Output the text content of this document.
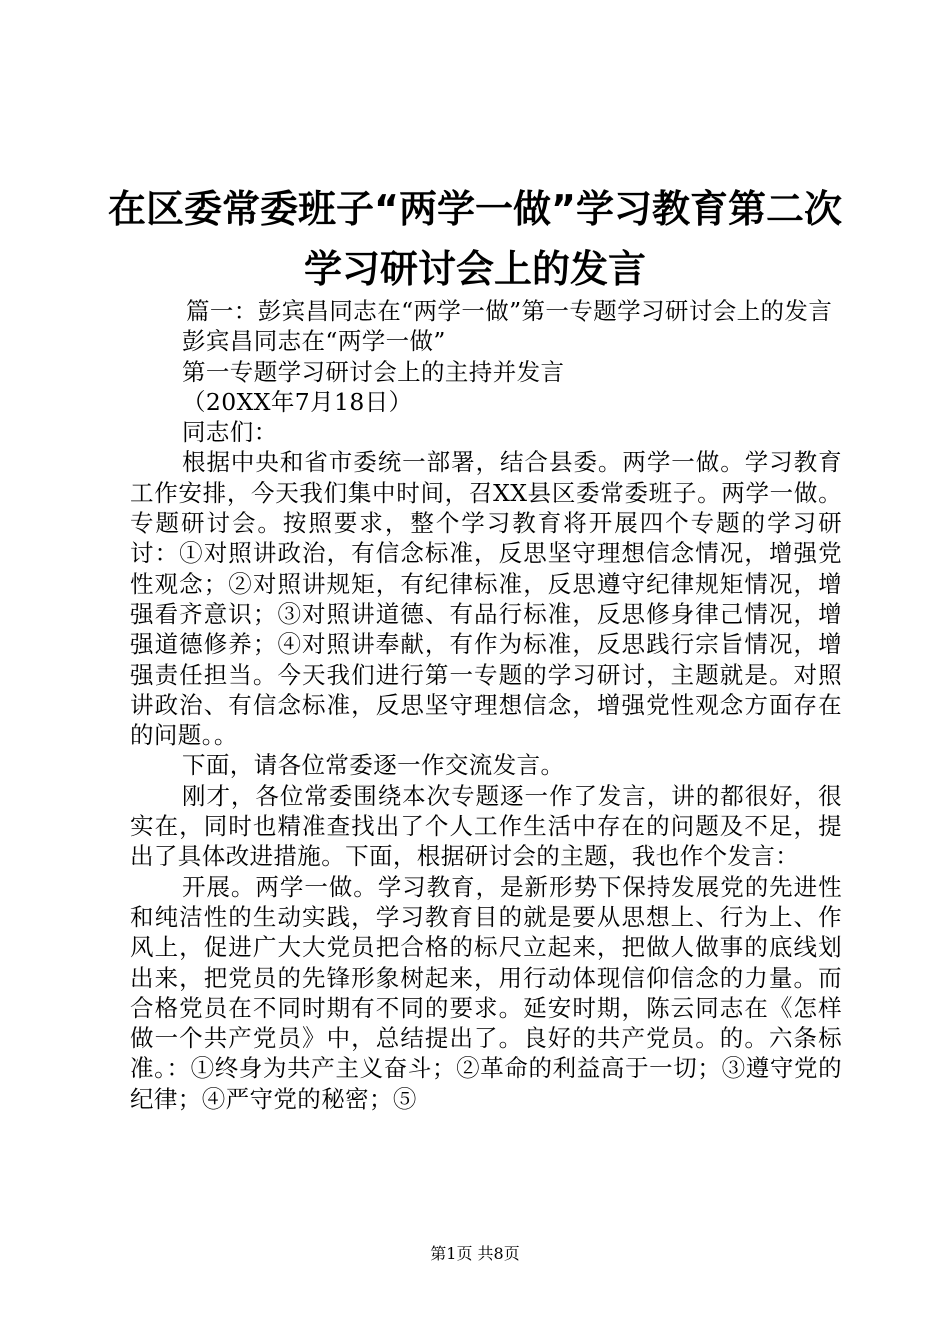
在区委常委班子“两学一做”学习教育第二次
学习研讨会上的发言

篇一：彭宾昌同志在“两学一做”第一专题学习研讨会上的发言

彭宾昌同志在“两学一做”

第一专题学习研讨会上的主持并发言

（20XX年7月18日）

同志们：

根据中央和省市委统一部署，结合县委。两学一做。学习教育工作安排，今天我们集中时间，召XX县区委常委班子。两学一做。专题研讨会。按照要求，整个学习教育将开展四个专题的学习研讨：①对照讲政治，有信念标准，反思坚守理想信念情况，增强党性观念；②对照讲规矩，有纪律标准，反思遵守纪律规矩情况，增强看齐意识；③对照讲道德、有品行标准，反思修身律己情况，增强道德修养；④对照讲奉献，有作为标准，反思践行宗旨情况，增强责任担当。今天我们进行第一专题的学习研讨，主题就是。对照讲政治、有信念标准，反思坚守理想信念，增强党性观念方面存在的问题。。

下面，请各位常委逐一作交流发言。

刚才，各位常委围绕本次专题逐一作了发言，讲的都很好，很实在，同时也精准查找出了个人工作生活中存在的问题及不足，提出了具体改进措施。下面，根据研讨会的主题，我也作个发言：

开展。两学一做。学习教育，是新形势下保持发展党的先进性和纯洁性的生动实践，学习教育目的就是要从思想上、行为上、作风上，促进广大大党员把合格的标尺立起来，把做人做事的底线划出来，把党员的先锋形象树起来，用行动体现信仰信念的力量。而合格党员在不同时期有不同的要求。延安时期，陈云同志在《怎样做一个共产党员》中，总结提出了。良好的共产党员。的。六条标准。：①终身为共产主义奋斗；②革命的利益高于一切；③遵守党的纪律；④严守党的秘密；⑤

第1页 共8页
